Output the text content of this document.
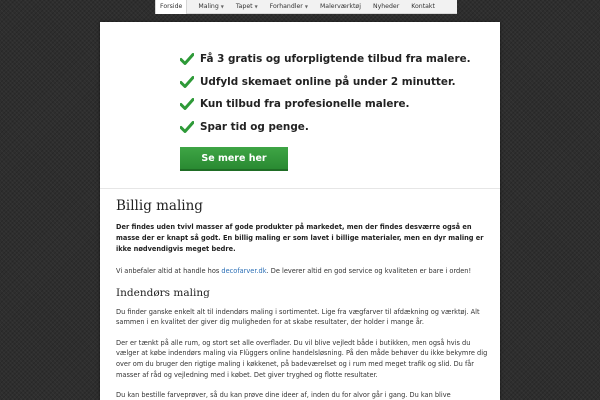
Forside	Maling ▼ Tapet ▼ Forhandler ▼ Malerværktøj Nyheder Kontakt
Få 3 gratis og uforpligtende tilbud fra malere.
Udfyld skemaet online på under 2 minutter.
Kun tilbud fra profesionelle malere.
Spar tid og penge.
Se mere her
Billig maling

Der findes uden tvivl masser af gode produkter på markedet, men der findes desværre også en masse der er knapt så godt. En billig maling er som lavet i billige materialer, men en dyr maling er ikke nødvendigvis meget bedre.

Vi anbefaler altid at handle hos decofarver.dk. De leverer altid en god service og kvaliteten er bare i orden!

Indendørs maling

Du finder ganske enkelt alt til indendørs maling i sortimentet. Lige fra vægfarver til afdækning og værktøj. Alt sammen i en kvalitet der giver dig muligheden for at skabe resultater, der holder i mange år.

Der er tænkt på alle rum, og stort set alle overflader. Du vil blive vejledt både i butikken, men også hvis du vælger at købe indendørs maling via Flüggers online handelsløsning. På den måde behøver du ikke bekymre dig over om du bruger den rigtige maling i køkkenet, på badeværelset og i rum med meget trafik og slid. Du får masser af råd og vejledning med i købet. Det giver tryghed og flotte resultater.

Du kan bestille farveprøver, så du kan prøve dine ideer af, inden du for alvor går i gang. Du kan blive
